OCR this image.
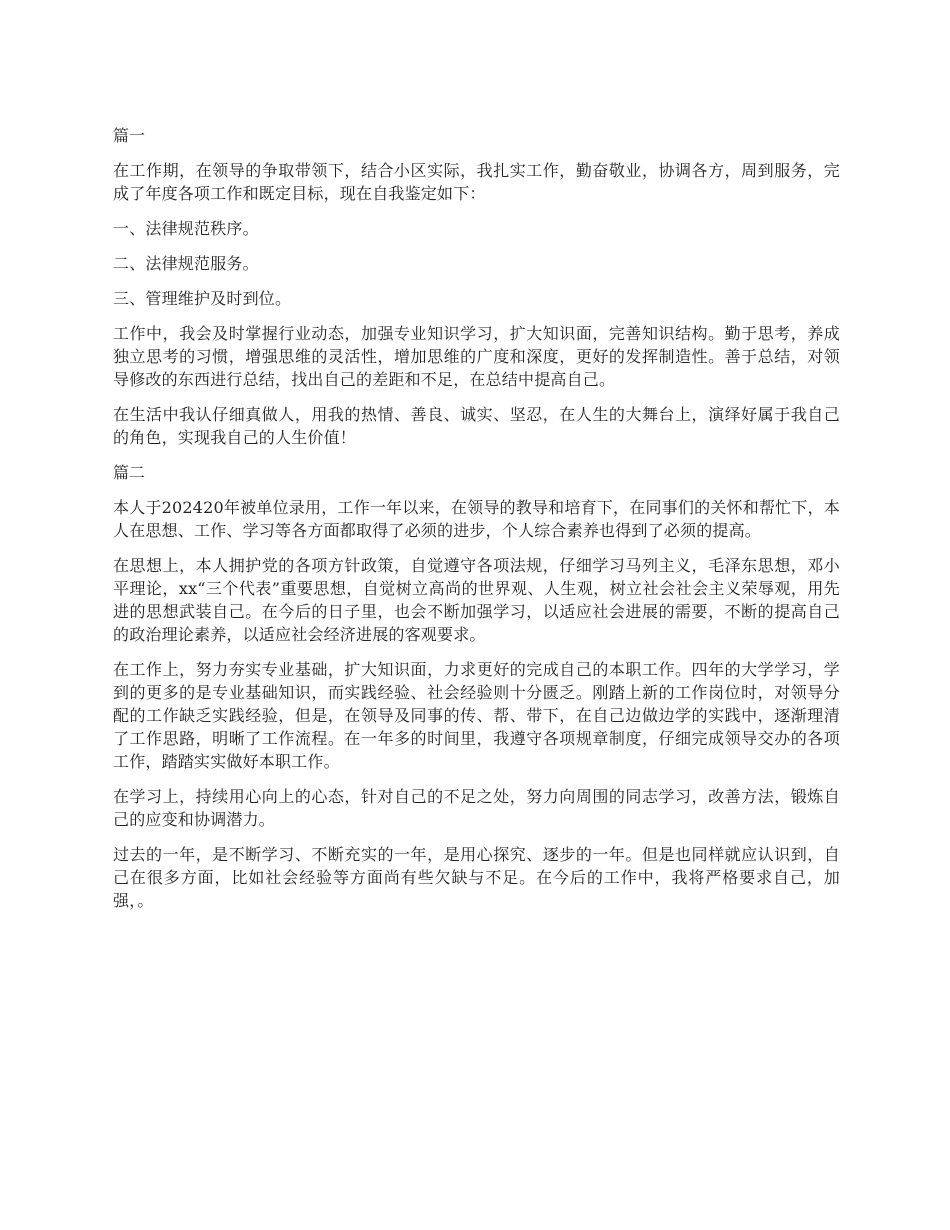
篇一

在工作期，在领导的争取带领下，结合小区实际，我扎实工作，勤奋敬业，协调各方，周到服务，完成了年度各项工作和既定目标，现在自我鉴定如下：

一、法律规范秩序。

二、法律规范服务。

三、管理维护及时到位。

工作中，我会及时掌握行业动态，加强专业知识学习，扩大知识面，完善知识结构。勤于思考，养成独立思考的习惯，增强思维的灵活性，增加思维的广度和深度，更好的发挥制造性。善于总结，对领导修改的东西进行总结，找出自己的差距和不足，在总结中提高自己。

在生活中我认仔细真做人，用我的热情、善良、诚实、坚忍，在人生的大舞台上，演绎好属于我自己的角色，实现我自己的人生价值！

篇二

本人于202420年被单位录用，工作一年以来，在领导的教导和培育下，在同事们的关怀和帮忙下，本人在思想、工作、学习等各方面都取得了必须的进步，个人综合素养也得到了必须的提高。

在思想上，本人拥护党的各项方针政策，自觉遵守各项法规，仔细学习马列主义，毛泽东思想，邓小平理论，xx“三个代表”重要思想，自觉树立高尚的世界观、人生观，树立社会社会主义荣辱观，用先进的思想武装自己。在今后的日子里，也会不断加强学习，以适应社会进展的需要，不断的提高自己的政治理论素养，以适应社会经济进展的客观要求。

在工作上，努力夯实专业基础，扩大知识面，力求更好的完成自己的本职工作。四年的大学学习，学到的更多的是专业基础知识，而实践经验、社会经验则十分匮乏。刚踏上新的工作岗位时，对领导分配的工作缺乏实践经验，但是，在领导及同事的传、帮、带下，在自己边做边学的实践中，逐渐理清了工作思路，明晰了工作流程。在一年多的时间里，我遵守各项规章制度，仔细完成领导交办的各项工作，踏踏实实做好本职工作。

在学习上，持续用心向上的心态，针对自己的不足之处，努力向周围的同志学习，改善方法，锻炼自己的应变和协调潜力。

过去的一年，是不断学习、不断充实的一年，是用心探究、逐步的一年。但是也同样就应认识到，自己在很多方面，比如社会经验等方面尚有些欠缺与不足。在今后的工作中，我将严格要求自己，加强，。
